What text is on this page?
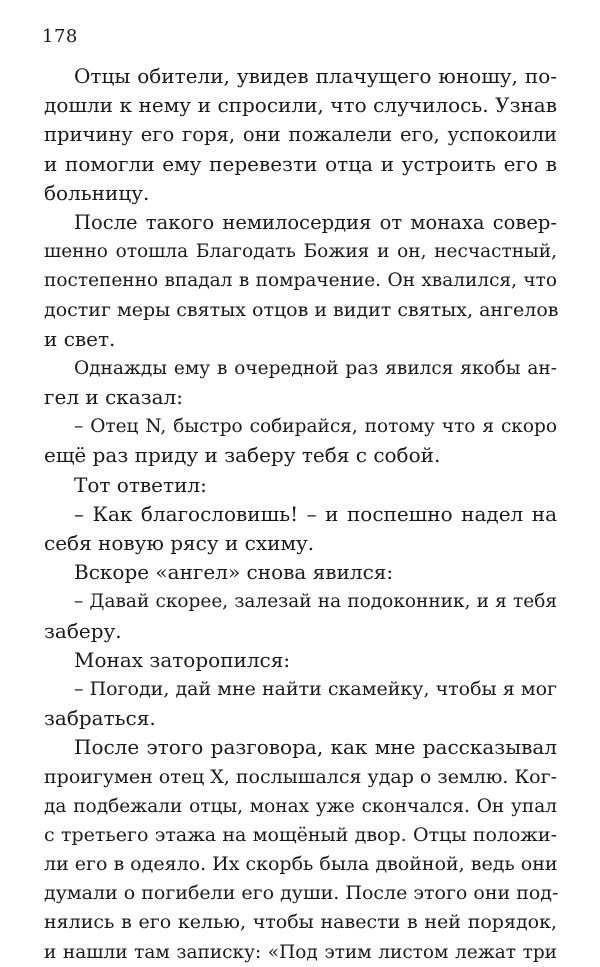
178
Отцы обители, увидев плачущего юношу, по-
дошли к нему и спросили, что случилось. Узнав
причину его горя, они пожалели его, успокоили
и помогли ему перевезти отца и устроить его в
больницу.
После такого немилосердия от монаха совер-
шенно отошла Благодать Божия и он, несчастный,
постепенно впадал в помрачение. Он хвалился, что
достиг меры святых отцов и видит святых, ангелов
и свет.
Однажды ему в очередной раз явился якобы ан-
гел и сказал:
– Отец N, быстро собирайся, потому что я скоро
ещё раз приду и заберу тебя с собой.
Тот ответил:
– Как благословишь! – и поспешно надел на
себя новую рясу и схиму.
Вскоре «ангел» снова явился:
– Давай скорее, залезай на подоконник, и я тебя
заберу.
Монах заторопился:
– Погоди, дай мне найти скамейку, чтобы я мог
забраться.
После этого разговора, как мне рассказывал
проигумен отец X, послышался удар о землю. Ког-
да подбежали отцы, монах уже скончался. Он упал
с третьего этажа на мощёный двор. Отцы положи-
ли его в одеяло. Их скорбь была двойной, ведь они
думали о погибели его души. После этого они под-
нялись в его келью, чтобы навести в ней порядок,
и нашли там записку: «Под этим листом лежат три
